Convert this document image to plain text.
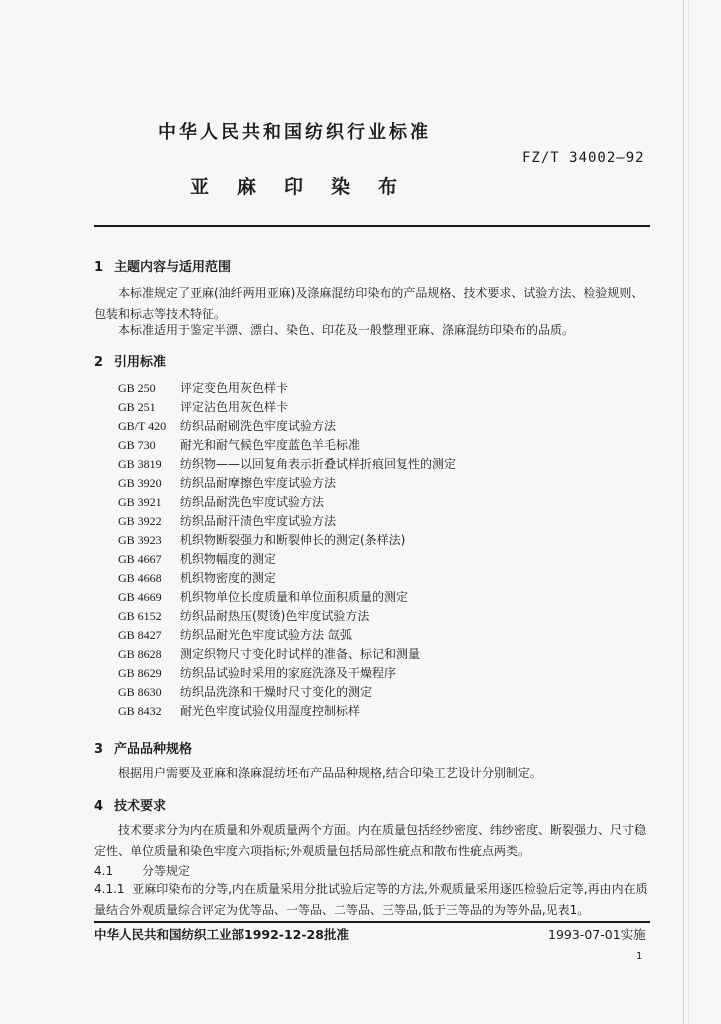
中华人民共和国纺织行业标准
FZ/T 34002—92
亚麻印染布
1 主题内容与适用范围
本标准规定了亚麻(油纤两用亚麻)及涤麻混纺印染布的产品规格、技术要求、试验方法、检验规则、包装和标志等技术特征。
本标准适用于鉴定半漂、漂白、染色、印花及一般整理亚麻、涤麻混纺印染布的品质。
2 引用标准
GB 250 评定变色用灰色样卡
GB 251 评定沾色用灰色样卡
GB/T 420 纺织品耐刷洗色牢度试验方法
GB 730 耐光和耐气候色牢度蓝色羊毛标准
GB 3819 纺织物——以回复角表示折叠试样折痕回复性的测定
GB 3920 纺织品耐摩擦色牢度试验方法
GB 3921 纺织品耐洗色牢度试验方法
GB 3922 纺织品耐汗渍色牢度试验方法
GB 3923 机织物断裂强力和断裂伸长的测定(条样法)
GB 4667 机织物幅度的测定
GB 4668 机织物密度的测定
GB 4669 机织物单位长度质量和单位面积质量的测定
GB 6152 纺织品耐热压(熨烫)色牢度试验方法
GB 8427 纺织品耐光色牢度试验方法 氙弧
GB 8628 测定织物尺寸变化时试样的准备、标记和测量
GB 8629 纺织品试验时采用的家庭洗涤及干燥程序
GB 8630 纺织品洗涤和干燥时尺寸变化的测定
GB 8432 耐光色牢度试验仪用湿度控制标样
3 产品品种规格
根据用户需要及亚麻和涤麻混纺坯布产品品种规格,结合印染工艺设计分别制定。
4 技术要求
技术要求分为内在质量和外观质量两个方面。内在质量包括经纱密度、纬纱密度、断裂强力、尺寸稳定性、单位质量和染色牢度六项指标;外观质量包括局部性疵点和散布性疵点两类。
4.1 分等规定
4.1.1 亚麻印染布的分等,内在质量采用分批试验后定等的方法,外观质量采用逐匹检验后定等,再由内在质量结合外观质量综合评定为优等品、一等品、二等品、三等品,低于三等品的为等外品,见表1。
中华人民共和国纺织工业部1992-12-28批准	1993-07-01实施
1
